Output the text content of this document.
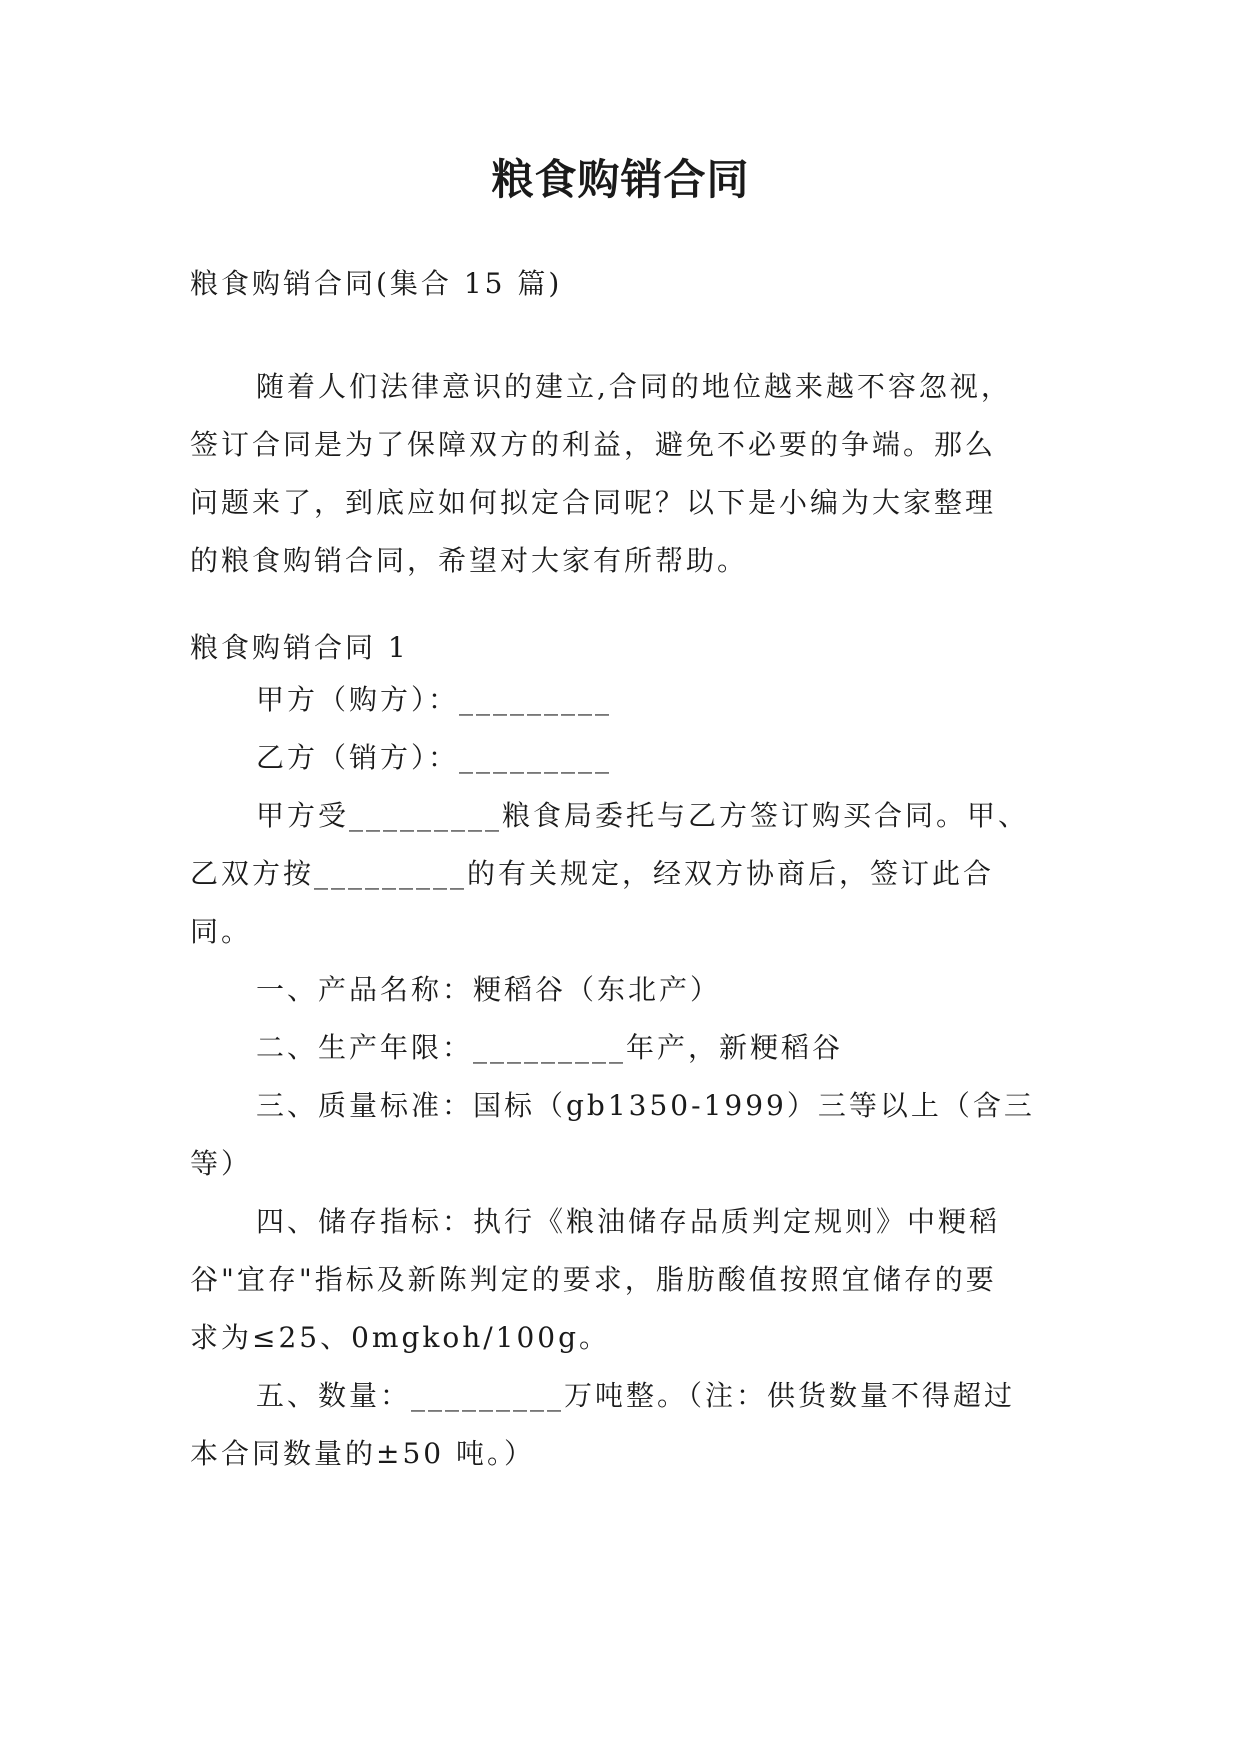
粮食购销合同

粮食购销合同(集合 15 篇)

随着人们法律意识的建立,合同的地位越来越不容忽视，
签订合同是为了保障双方的利益，避免不必要的争端。那么
问题来了，到底应如何拟定合同呢？以下是小编为大家整理
的粮食购销合同，希望对大家有所帮助。

粮食购销合同 1

甲方（购方）：_________
乙方（销方）：_________
甲方受_________粮食局委托与乙方签订购买合同。甲、
乙双方按_________的有关规定，经双方协商后，签订此合
同。
一、产品名称：粳稻谷（东北产）
二、生产年限：_________年产，新粳稻谷
三、质量标准：国标（gb1350-1999）三等以上（含三
等）
四、储存指标：执行《粮油储存品质判定规则》中粳稻
谷"宜存"指标及新陈判定的要求，脂肪酸值按照宜储存的要
求为≤25、0mgkoh/100g。
五、数量：_________万吨整。（注：供货数量不得超过
本合同数量的±50 吨。）
